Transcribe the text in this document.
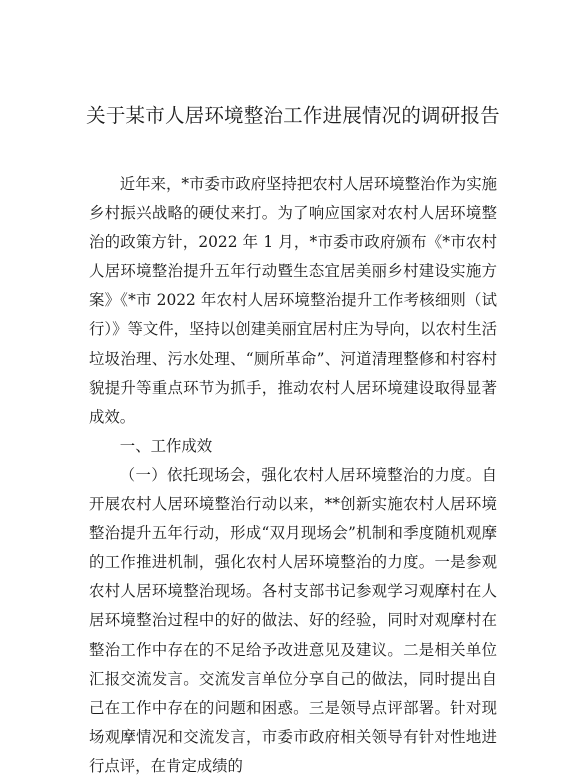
关于某市人居环境整治工作进展情况的调研报告

近年来，*市委市政府坚持把农村人居环境整治作为实施乡村振兴战略的硬仗来打。为了响应国家对农村人居环境整治的政策方针，2022 年 1 月，*市委市政府颁布《*市农村人居环境整治提升五年行动暨生态宜居美丽乡村建设实施方案》《*市 2022 年农村人居环境整治提升工作考核细则（试行）》等文件，坚持以创建美丽宜居村庄为导向，以农村生活垃圾治理、污水处理、“厕所革命”、河道清理整修和村容村貌提升等重点环节为抓手，推动农村人居环境建设取得显著成效。

一、工作成效

（一）依托现场会，强化农村人居环境整治的力度。自开展农村人居环境整治行动以来，**创新实施农村人居环境整治提升五年行动，形成“双月现场会”机制和季度随机观摩的工作推进机制，强化农村人居环境整治的力度。一是参观农村人居环境整治现场。各村支部书记参观学习观摩村在人居环境整治过程中的好的做法、好的经验，同时对观摩村在整治工作中存在的不足给予改进意见及建议。二是相关单位汇报交流发言。交流发言单位分享自己的做法，同时提出自己在工作中存在的问题和困惑。三是领导点评部署。针对现场观摩情况和交流发言，市委市政府相关领导有针对性地进行点评，在肯定成绩的
